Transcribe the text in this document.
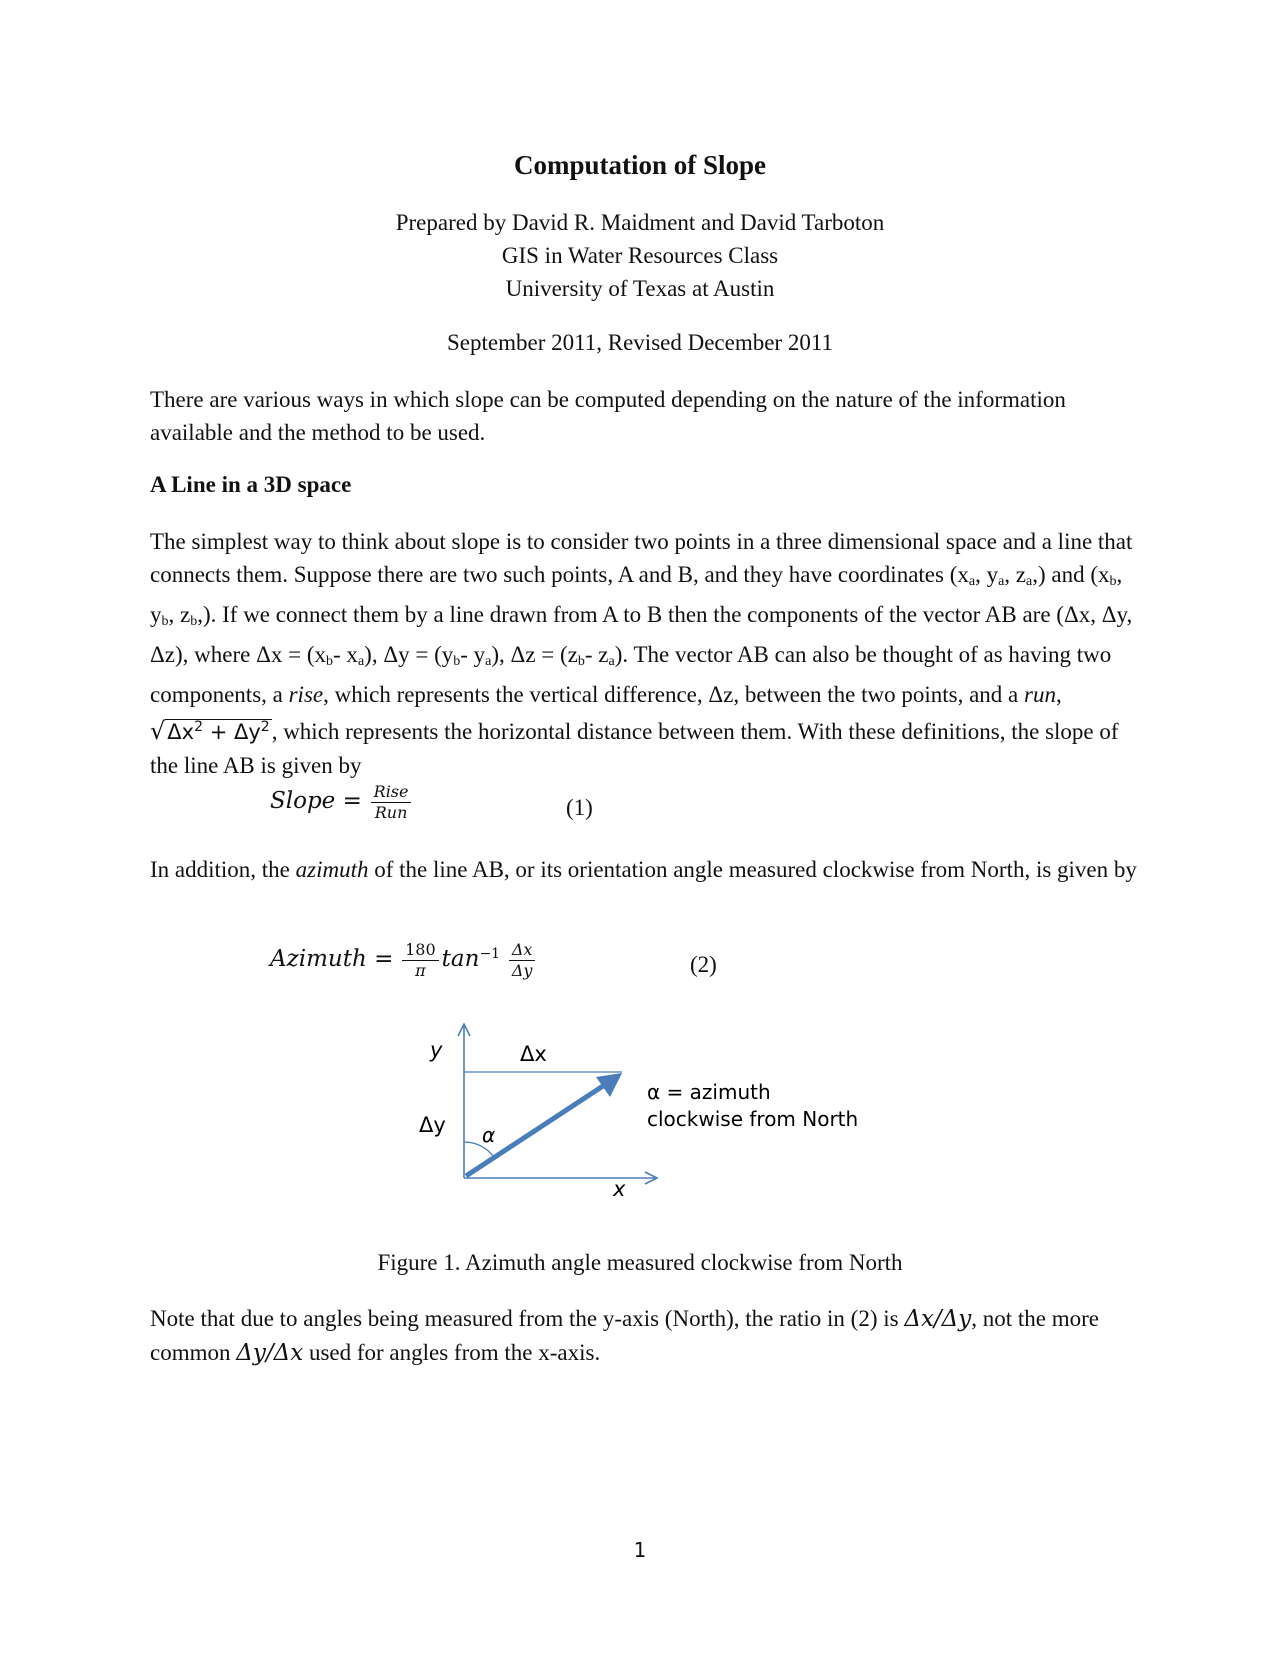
Computation of Slope
Prepared by David R. Maidment and David Tarboton
GIS in Water Resources Class
University of Texas at Austin
September 2011, Revised December 2011
There are various ways in which slope can be computed depending on the nature of the information available and the method to be used.
A Line in a 3D space
The simplest way to think about slope is to consider two points in a three dimensional space and a line that connects them. Suppose there are two such points, A and B, and they have coordinates ($x_a$, $y_a$, $z_a$,) and ($x_b$, $y_b$, $z_b$,). If we connect them by a line drawn from A to B then the components of the vector AB are (Δx, Δy, Δz), where $\Delta x = (x_b-$ $x_a$), $\Delta y = (y_b-$ $y_a$), $\Delta z = (z_b-$ $z_a$). The vector AB can also be thought of as having two components, a rise, which represents the vertical difference, Δz, between the two points, and a run, $√\Delta x^2 + \Delta y^2$, which represents the horizontal distance between them. With these definitions, the slope of the line AB is given by
Slope = $\frac{\text{Rise}}{\text{Run}}$	(1)
In addition, the azimuth of the line AB, or its orientation angle measured clockwise from North, is given by
Azimuth = $\frac{180}{\pi} \tan^{-1} \frac{\Delta x}{\Delta y}$	(2)
y
x
Δx
Δy α
α = azimuth
clockwise from North
Figure 1. Azimuth angle measured clockwise from North
Note that due to angles being measured from the y-axis (North), the ratio in (2) is Δx/Δy, not the more common Δy/Δx used for angles from the x-axis.
1
